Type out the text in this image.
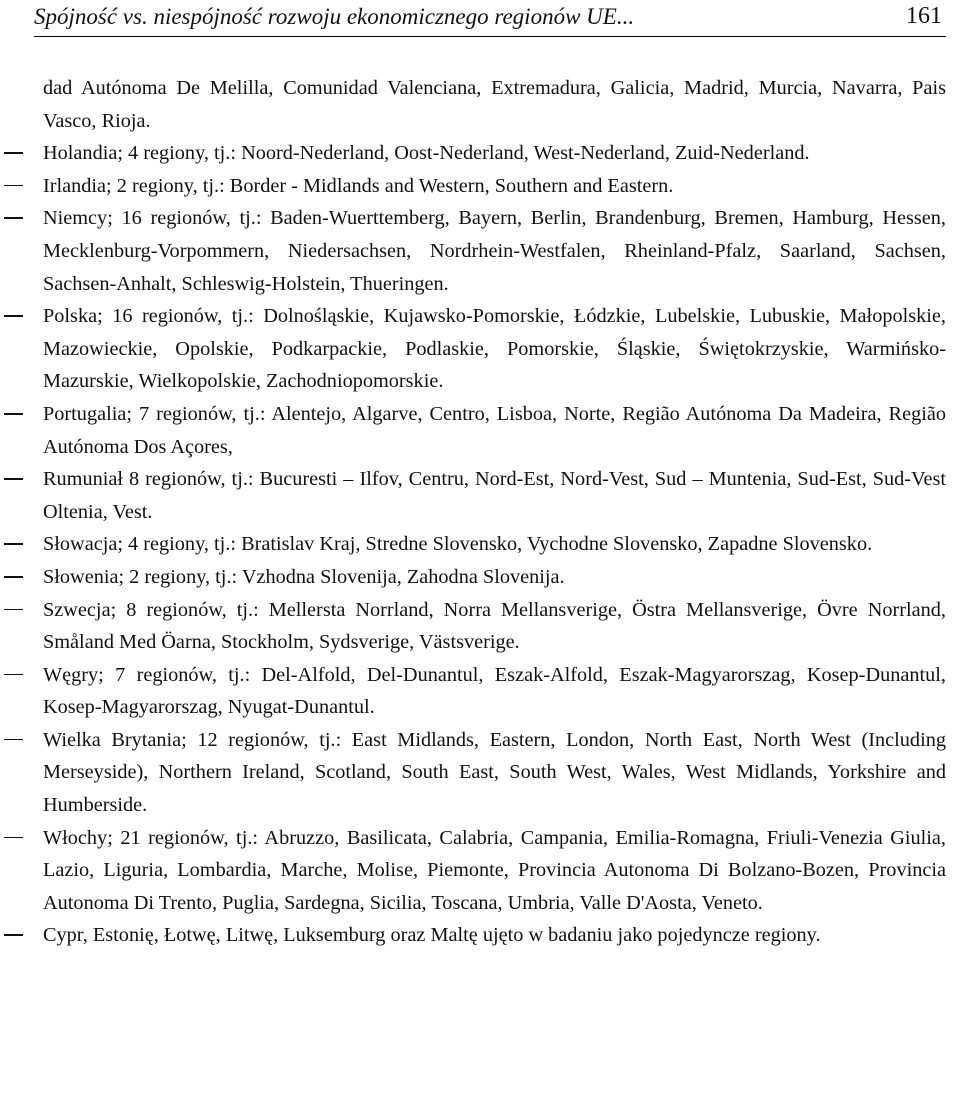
Spójność vs. niespójność rozwoju ekonomicznego regionów UE...	161

dad Autónoma De Melilla, Comunidad Valenciana, Extremadura, Galicia, Madrid, Murcia, Navarra, Pais Vasco, Rioja.

Holandia; 4 regiony, tj.: Noord-Nederland, Oost-Nederland, West-Nederland, Zuid-Nederland.
Irlandia; 2 regiony, tj.: Border - Midlands and Western, Southern and Eastern.
Niemcy; 16 regionów, tj.: Baden-Wuerttemberg, Bayern, Berlin, Brandenburg, Bremen, Hamburg, Hessen, Mecklenburg-Vorpommern, Niedersachsen, Nordrhein-Westfalen, Rheinland-Pfalz, Saarland, Sachsen, Sachsen-Anhalt, Schleswig-Holstein, Thueringen.
Polska; 16 regionów, tj.: Dolnośląskie, Kujawsko-Pomorskie, Łódzkie, Lubelskie, Lubuskie, Małopolskie, Mazowieckie, Opolskie, Podkarpackie, Podlaskie, Pomorskie, Śląskie, Świętokrzyskie, Warmińsko-Mazurskie, Wielkopolskie, Zachodniopomorskie.
Portugalia; 7 regionów, tj.: Alentejo, Algarve, Centro, Lisboa, Norte, Região Autónoma Da Madeira, Região Autónoma Dos Açores,
Rumuniał 8 regionów, tj.: Bucuresti – Ilfov, Centru, Nord-Est, Nord-Vest, Sud – Muntenia, Sud-Est, Sud-Vest Oltenia, Vest.
Słowacja; 4 regiony, tj.: Bratislav Kraj, Stredne Slovensko, Vychodne Slovensko, Zapadne Slovensko.
Słowenia; 2 regiony, tj.: Vzhodna Slovenija, Zahodna Slovenija.
Szwecja; 8 regionów, tj.: Mellersta Norrland, Norra Mellansverige, Östra Mellansverige, Övre Norrland, Småland Med Öarna, Stockholm, Sydsverige, Västsverige.
Węgry; 7 regionów, tj.: Del-Alfold, Del-Dunantul, Eszak-Alfold, Eszak-Magyarorszag, Kosep-Dunantul, Kosep-Magyarorszag, Nyugat-Dunantul.
Wielka Brytania; 12 regionów, tj.: East Midlands, Eastern, London, North East, North West (Including Merseyside), Northern Ireland, Scotland, South East, South West, Wales, West Midlands, Yorkshire and Humberside.
Włochy; 21 regionów, tj.: Abruzzo, Basilicata, Calabria, Campania, Emilia-Romagna, Friuli-Venezia Giulia, Lazio, Liguria, Lombardia, Marche, Molise, Piemonte, Provincia Autonoma Di Bolzano-Bozen, Provincia Autonoma Di Trento, Puglia, Sardegna, Sicilia, Toscana, Umbria, Valle D'Aosta, Veneto.
Cypr, Estonię, Łotwę, Litwę, Luksemburg oraz Maltę ujęto w badaniu jako pojedyncze regiony.
